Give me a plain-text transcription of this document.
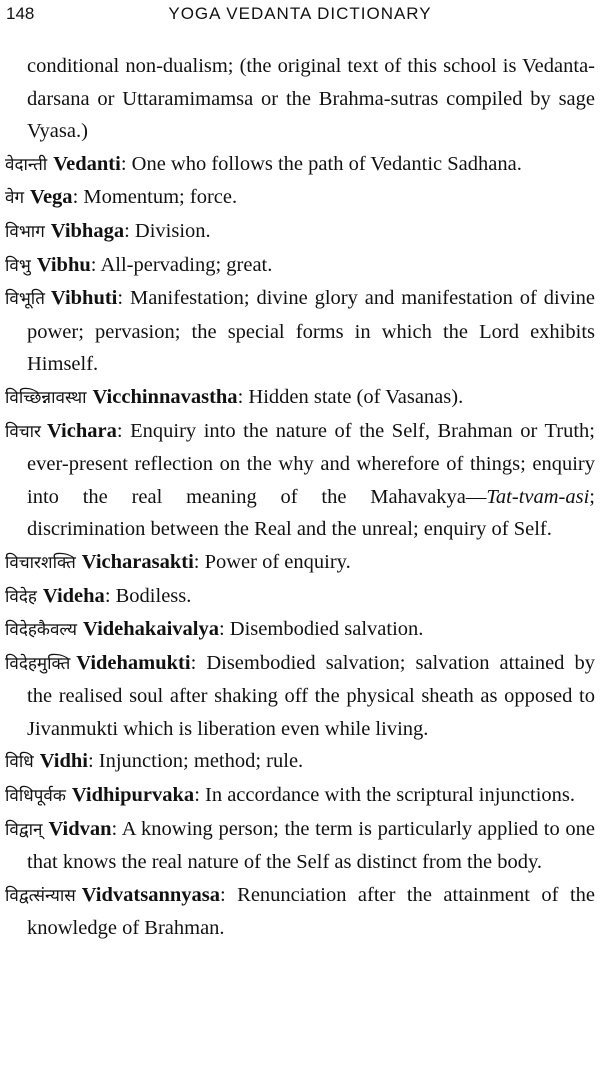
148	YOGA VEDANTA DICTIONARY
conditional non-dualism; (the original text of this school is Vedanta-darsana or Uttaramimamsa or the Brahma-sutras compiled by sage Vyasa.)
वेदान्ती Vedanti: One who follows the path of Vedantic Sadhana.
वेग Vega: Momentum; force.
विभाग Vibhaga: Division.
विभु Vibhu: All-pervading; great.
विभूति Vibhuti: Manifestation; divine glory and manifestation of divine power; pervasion; the special forms in which the Lord exhibits Himself.
विच्छिन्नावस्था Vicchinnavastha: Hidden state (of Vasanas).
विचार Vichara: Enquiry into the nature of the Self, Brahman or Truth; ever-present reflection on the why and wherefore of things; enquiry into the real meaning of the Mahavakya—Tat-tvam-asi; discrimination between the Real and the unreal; enquiry of Self.
विचारशक्ति Vicharasakti: Power of enquiry.
विदेह Videha: Bodiless.
विदेहकैवल्य Videhakaivalya: Disembodied salvation.
विदेहमुक्ति Videhamukti: Disembodied salvation; salvation attained by the realised soul after shaking off the physical sheath as opposed to Jivanmukti which is liberation even while living.
विधि Vidhi: Injunction; method; rule.
विधिपूर्वक Vidhipurvaka: In accordance with the scriptural injunctions.
विद्वान् Vidvan: A knowing person; the term is particularly applied to one that knows the real nature of the Self as distinct from the body.
विद्वत्संन्यास Vidvatsannyasa: Renunciation after the attainment of the knowledge of Brahman.
